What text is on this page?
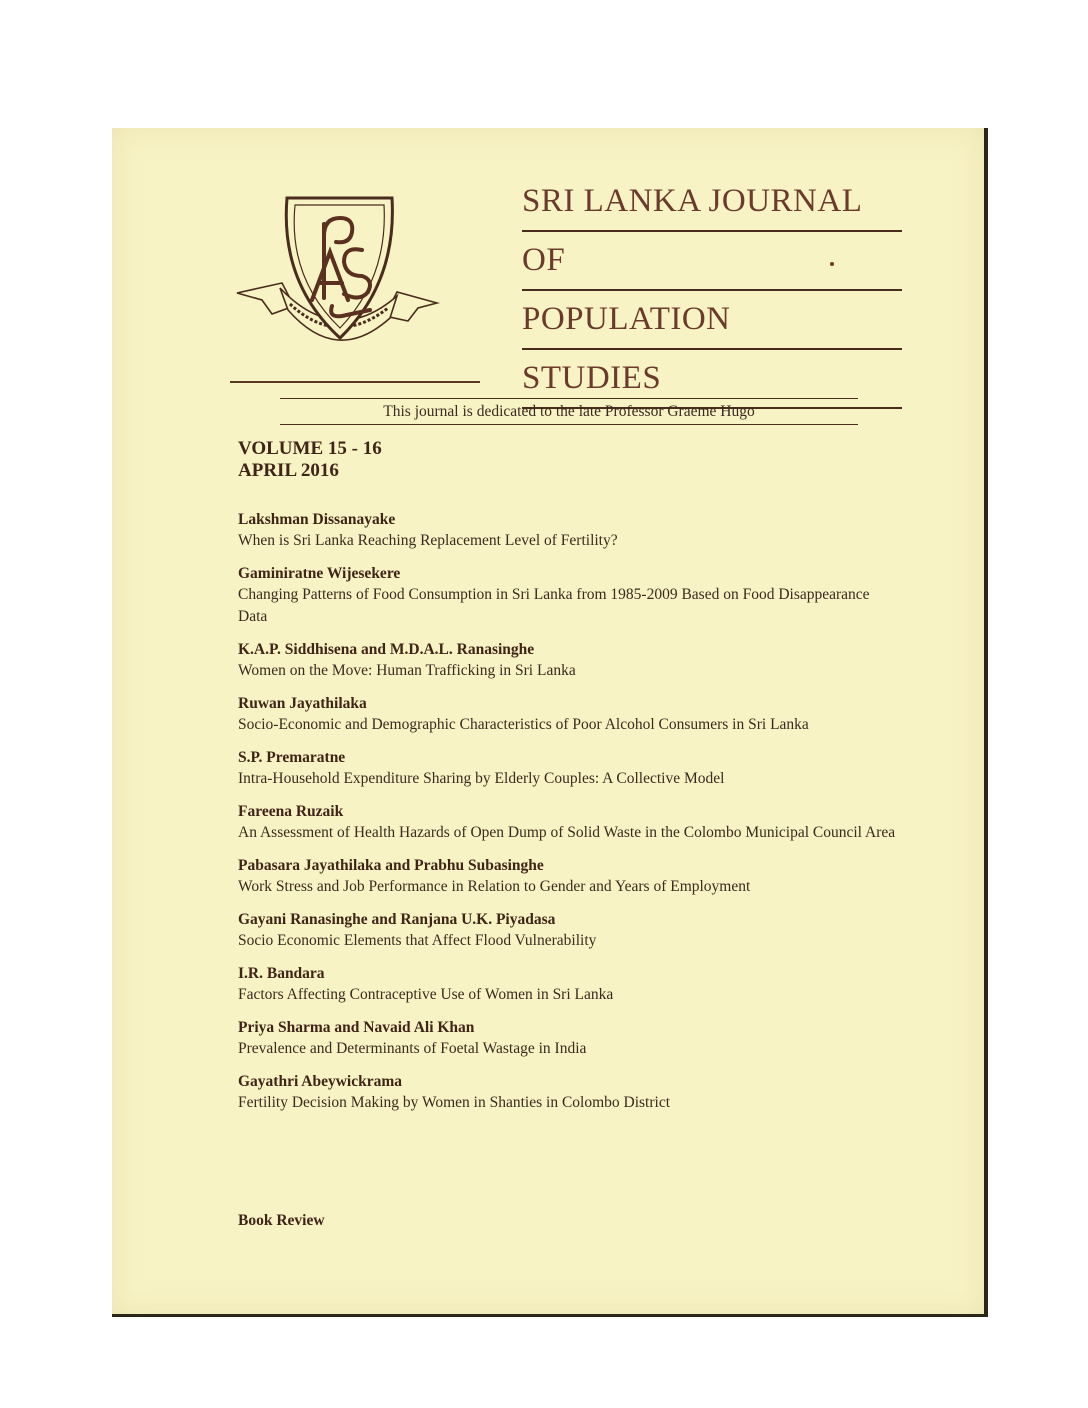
SRI LANKA JOURNAL
OF
POPULATION
STUDIES
This journal is dedicated to the late Professor Graeme Hugo
VOLUME 15 - 16
APRIL 2016
Lakshman Dissanayake
When is Sri Lanka Reaching Replacement Level of Fertility?
Gaminiratne Wijesekere
Changing Patterns of Food Consumption in Sri Lanka from 1985-2009 Based on Food Disappearance Data
K.A.P. Siddhisena and M.D.A.L. Ranasinghe
Women on the Move: Human Trafficking in Sri Lanka
Ruwan Jayathilaka
Socio-Economic and Demographic Characteristics of Poor Alcohol Consumers in Sri Lanka
S.P. Premaratne
Intra-Household Expenditure Sharing by Elderly Couples: A Collective Model
Fareena Ruzaik
An Assessment of Health Hazards of Open Dump of Solid Waste in the Colombo Municipal Council Area
Pabasara Jayathilaka and Prabhu Subasinghe
Work Stress and Job Performance in Relation to Gender and Years of Employment
Gayani Ranasinghe and Ranjana U.K. Piyadasa
Socio Economic Elements that Affect Flood Vulnerability
I.R. Bandara
Factors Affecting Contraceptive Use of Women in Sri Lanka
Priya Sharma and Navaid Ali Khan
Prevalence and Determinants of Foetal Wastage in India
Gayathri Abeywickrama
Fertility Decision Making by Women in Shanties in Colombo District
Book Review
